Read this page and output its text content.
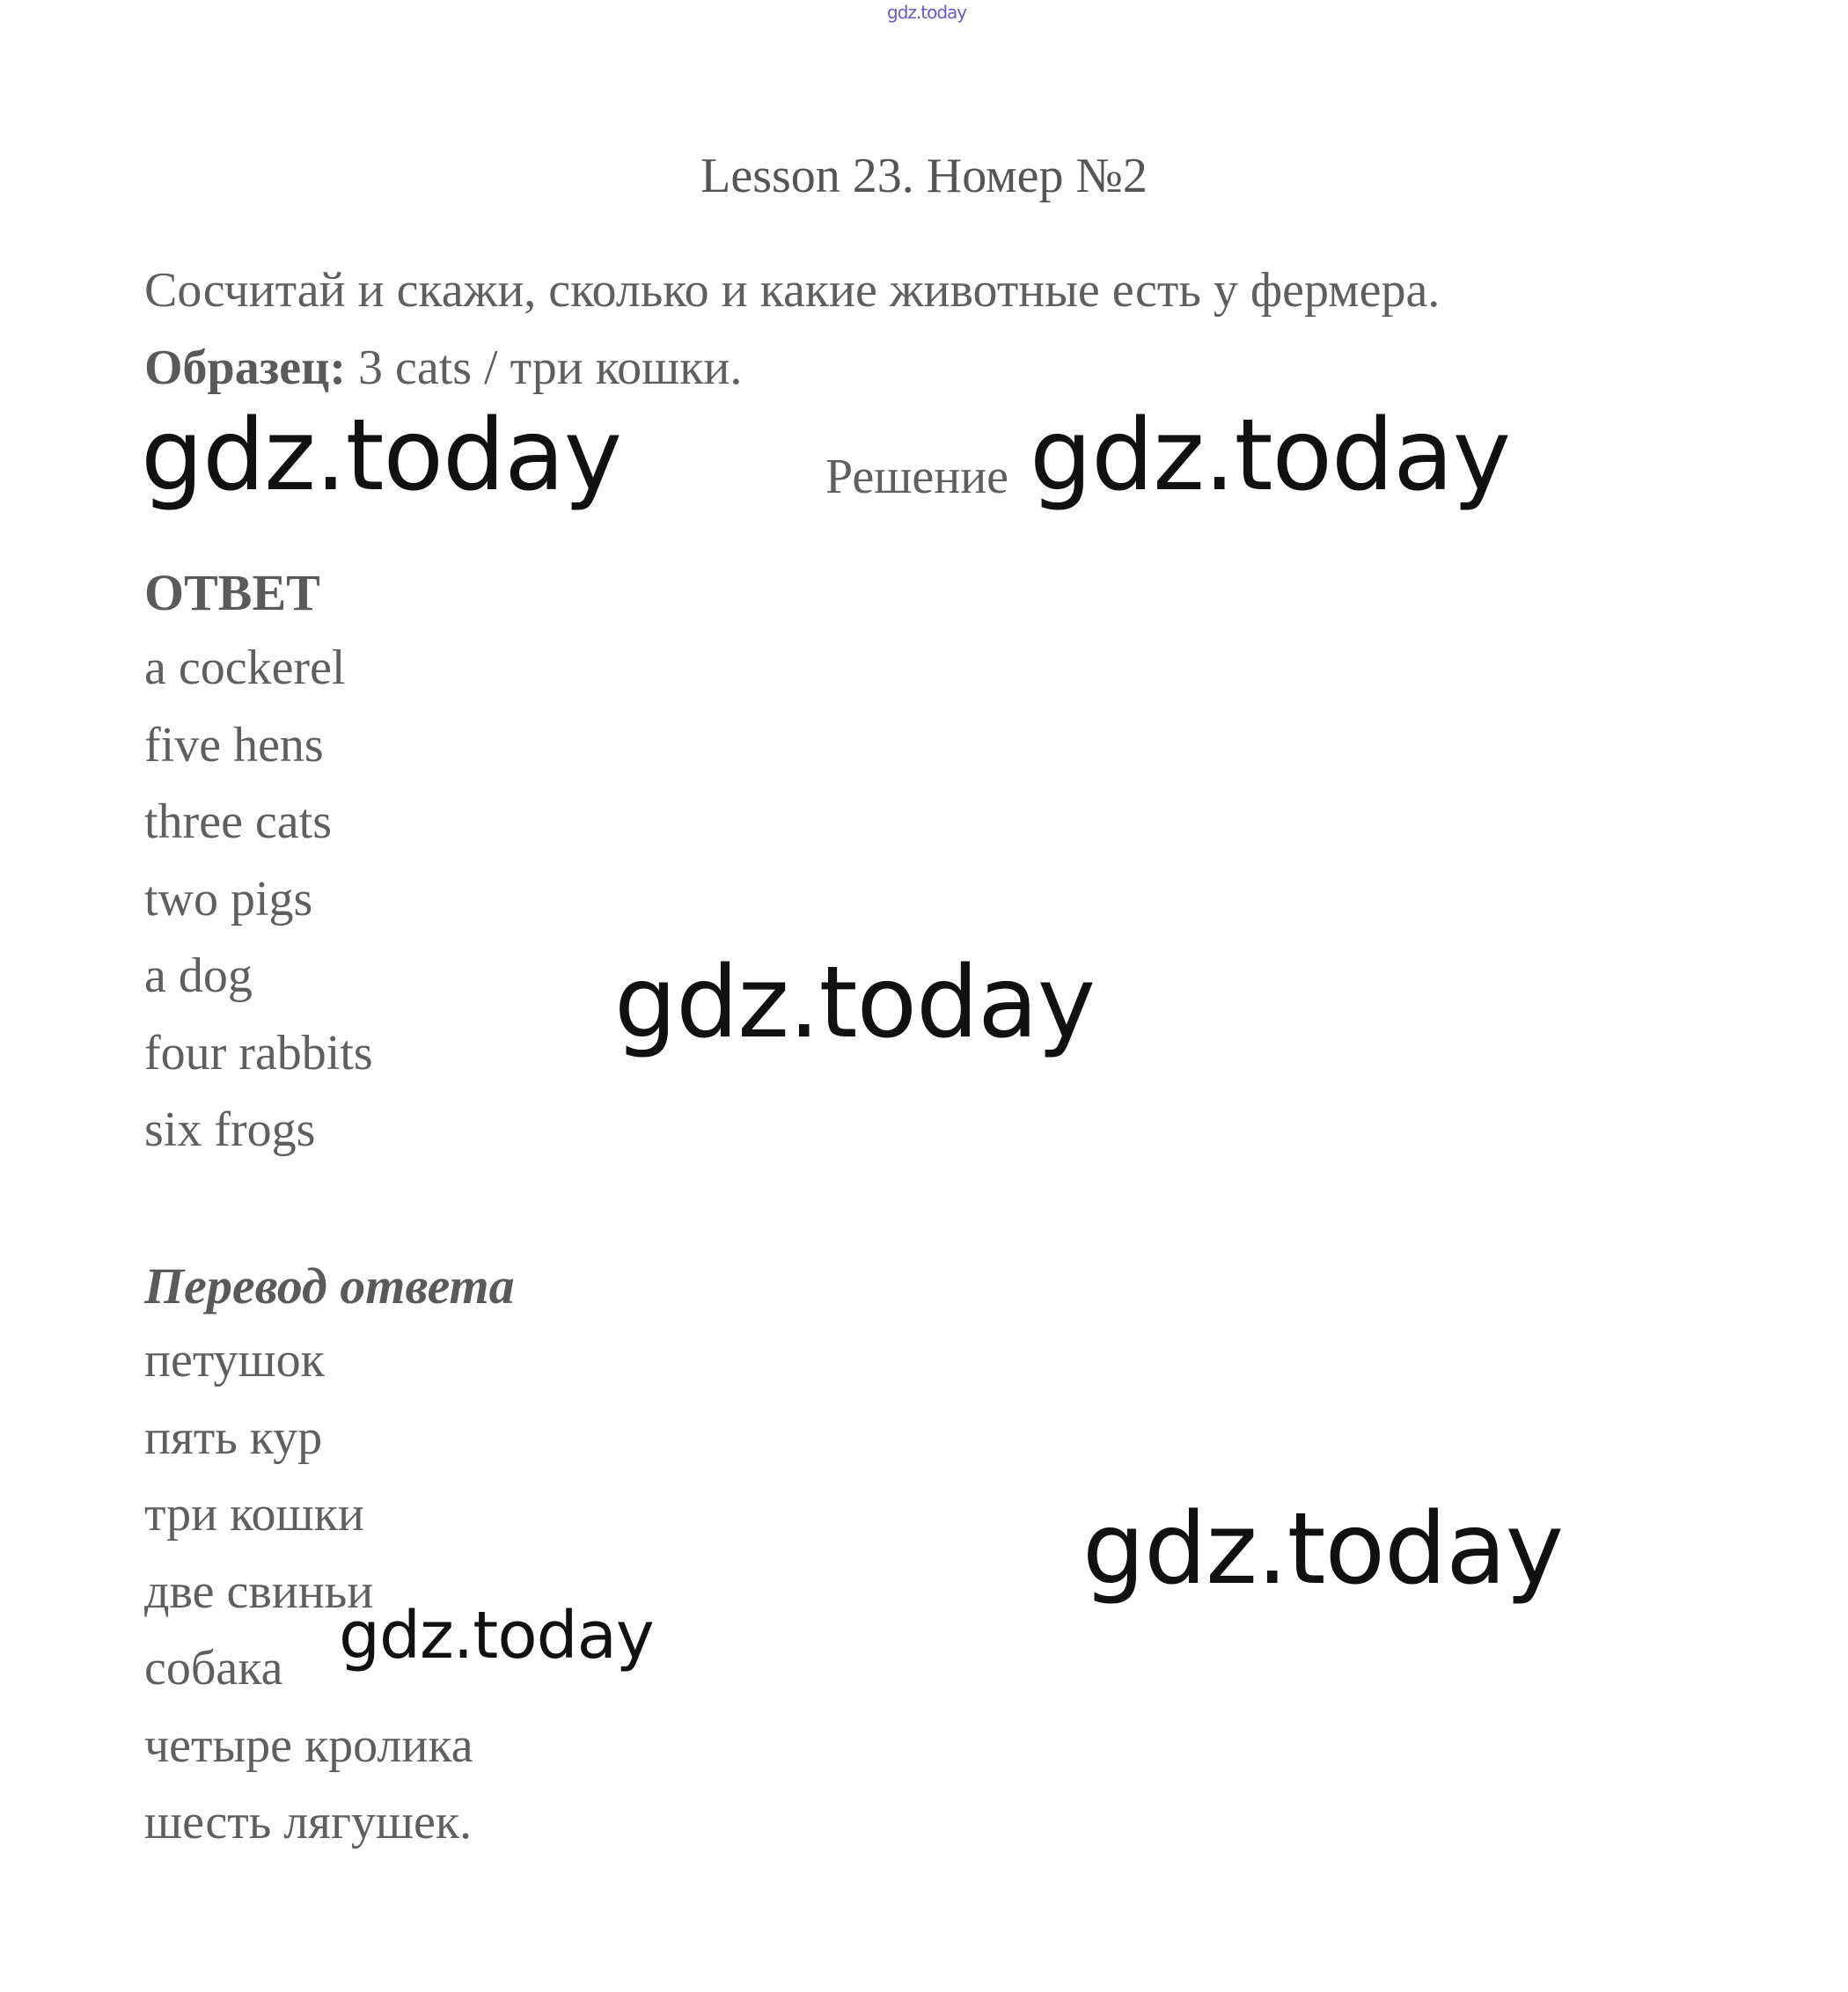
gdz.today
Lesson 23. Номер №2
Сосчитай и скажи, сколько и какие животные есть у фермера.
Образец: 3 cats / три кошки.
gdz.today	Решение gdz.today
ОТВЕТ
a cockerel
five hens
three cats
two pigs
a dog
four rabbits
six frogs
gdz.today
Перевод ответа
петушок
пять кур
три кошки
две свиньи
собака
четыре кролика
шесть лягушек.
gdz.today
gdz.today
